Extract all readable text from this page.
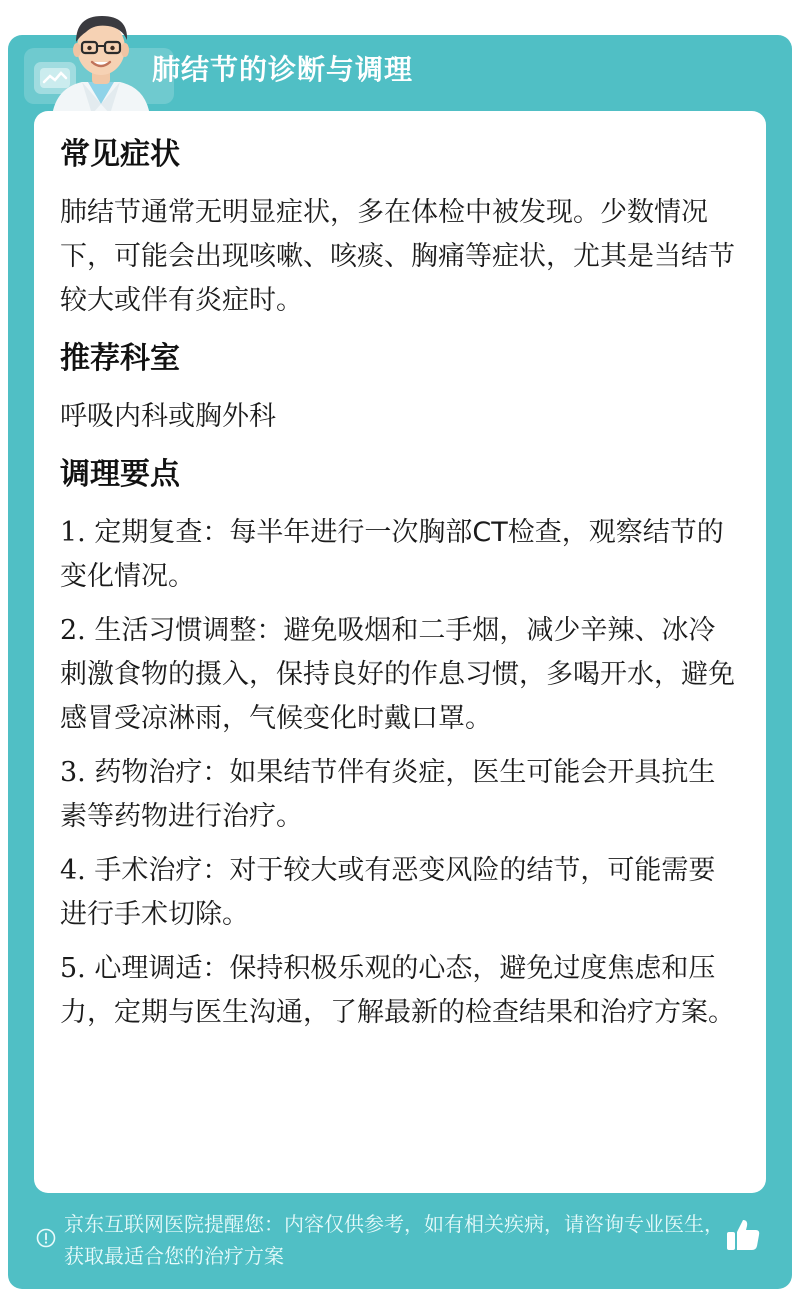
肺结节的诊断与调理
常见症状
肺结节通常无明显症状，多在体检中被发现。少数情况下，可能会出现咳嗽、咳痰、胸痛等症状，尤其是当结节较大或伴有炎症时。
推荐科室
呼吸内科或胸外科
调理要点
1. 定期复查：每半年进行一次胸部CT检查，观察结节的变化情况。
2. 生活习惯调整：避免吸烟和二手烟，减少辛辣、冰冷刺激食物的摄入，保持良好的作息习惯，多喝开水，避免感冒受凉淋雨，气候变化时戴口罩。
3. 药物治疗：如果结节伴有炎症，医生可能会开具抗生素等药物进行治疗。
4. 手术治疗：对于较大或有恶变风险的结节，可能需要进行手术切除。
5. 心理调适：保持积极乐观的心态，避免过度焦虑和压力，定期与医生沟通，了解最新的检查结果和治疗方案。
京东互联网医院提醒您：内容仅供参考，如有相关疾病，请咨询专业医生，获取最适合您的治疗方案
